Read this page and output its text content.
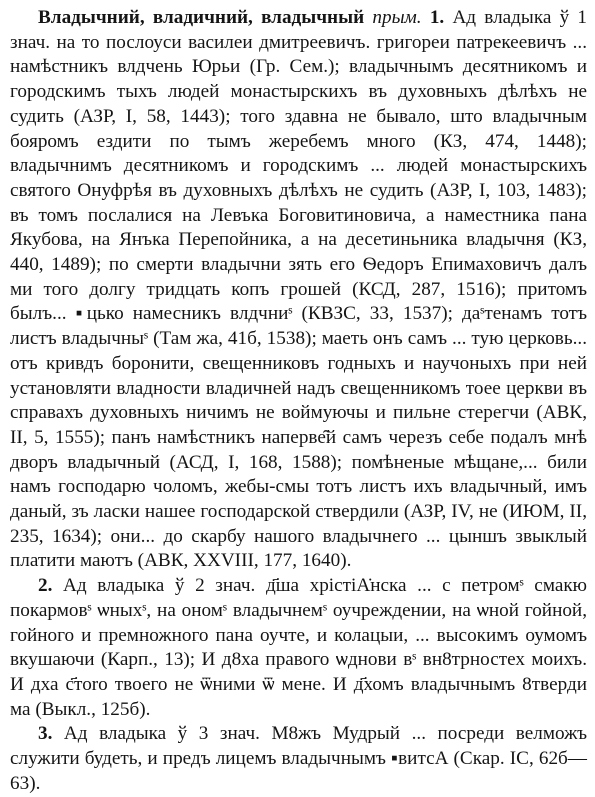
Владычний, владичний, владычный прым. 1. Ад владыка ў 1 знач. на то послоуси василеи дмитреевичъ. григореи патрекеевичъ ... намѣстникъ влдчень Юрьи (Гр. Сем.); владычнымъ десятникомъ и городскимъ тыхъ людей монастырскихъ въ духовныхъ дѣлѣхъ не судить (АЗР, I, 58, 1443); того здавна не бывало, што владычным бояромъ ездити по тымъ жеребемъ много (КЗ, 474, 1448); владычнимъ десятникомъ и городскимъ ... людей монастырскихъ святого Онуфрѣя въ духовныхъ дѣлѣхъ не судить (АЗР, I, 103, 1483); въ томъ послалися на Левъка Боговитиновича, а наместника пана Якубова, на Янъка Перепойника, а на десетиньника владычня (КЗ, 440, 1489); по смерти владычни зять его Ѳедоръ Епимаховичъ далъ ми того долгу тридцать копъ грошей (КСД, 287, 1516); притомъ былъ... ▪цько намесникъ влдчниˢ (КВЗС, 33, 1537); даˢтенамъ тотъ листъ владычныˢ (Там жа, 41б, 1538); маеть онъ самъ ... тую церковь... отъ кривдъ боронити, свещенниковъ годныхъ и научоныхъ при ней установляти владности владичней надъ свещенникомъ тоее церкви въ справахъ духовныхъ ничимъ не воймуючы и пильне стерегчи (АВК, II, 5, 1555); панъ намѣстникъ наперве̑й самъ черезъ себе подалъ мнѣ дворъ владычный (АСД, I, 168, 1588); помѣненые мѣщане,... били намъ господарю чоломъ, жебы-смы тотъ листъ ихъ владычный, имъ даный, зъ ласки нашее господарской ствердили (АЗР, IV, не (ИЮМ, II, 235, 1634); они... до скарбу нашого владычнего ... цыншъ звыклый платити маютъ (АВК, XXVIII, 177, 1640).

2. Ад владыка ў 2 знач. д҃ша хрістіА̇нска ... с петромˢ смакю покармовˢ ѡныхˢ, на ономˢ владычнемˢ оучреждении, на ѡной гойной, гойного и премножного пана оучте, и колацыи, ... высокимъ оумомъ вкушаючи (Карп., 13); И д8ха правого ѡднови вˢ вн8трностех моихъ. И дха с҃тоrо твоего не ѿними ѿ мене. И д҃хомъ владычнымъ 8тверди ма (Выкл., 125б).

3. Ад владыка ў 3 знач. М8жъ Мудрый ... посреди велможъ служити будеть, и предъ лицемъ владычнымъ ▪витсА (Скар. IC, 62б—63).
